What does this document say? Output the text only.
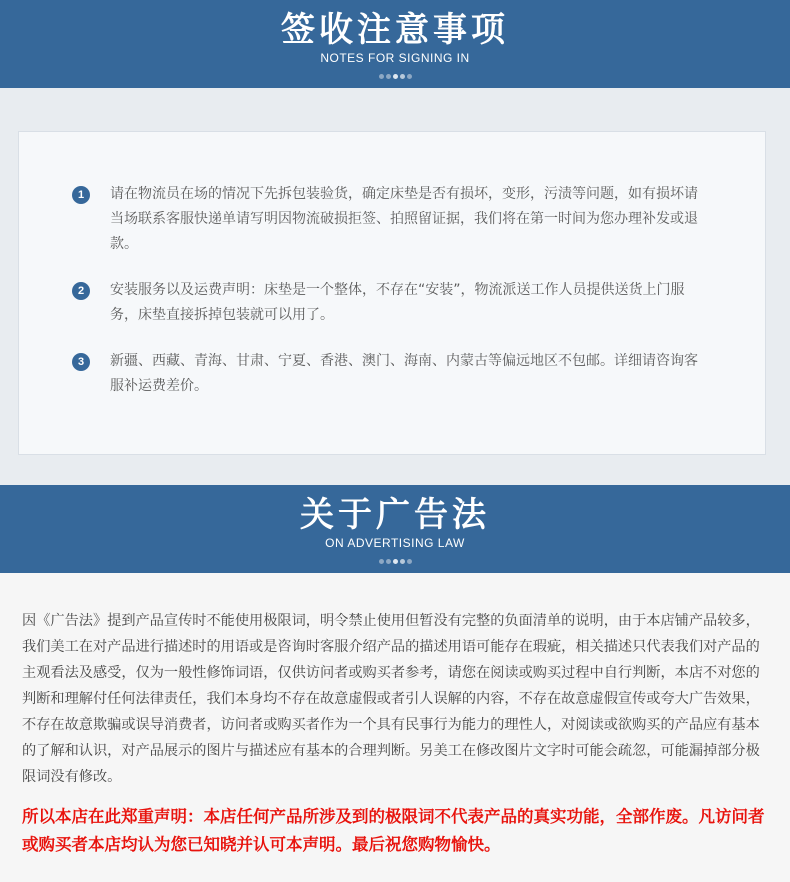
签收注意事项
NOTES FOR SIGNING IN
1	请在物流员在场的情况下先拆包装验货，确定床垫是否有损坏，变形，污渍等问题，如有损坏请当场联系客服快递单请写明因物流破损拒签、拍照留证据，我们将在第一时间为您办理补发或退款。
2	安装服务以及运费声明：床垫是一个整体，不存在“安装”，物流派送工作人员提供送货上门服务，床垫直接拆掉包装就可以用了。
3	新疆、西藏、青海、甘肃、宁夏、香港、澳门、海南、内蒙古等偏远地区不包邮。详细请咨询客服补运费差价。
关于广告法
ON ADVERTISING LAW
因《广告法》提到产品宣传时不能使用极限词，明令禁止使用但暂没有完整的负面清单的说明，由于本店铺产品较多，我们美工在对产品进行描述时的用语或是咨询时客服介绍产品的描述用语可能存在瑕疵，相关描述只代表我们对产品的主观看法及感受，仅为一般性修饰词语，仅供访问者或购买者参考，请您在阅读或购买过程中自行判断，本店不对您的判断和理解付任何法律责任，我们本身均不存在故意虚假或者引人误解的内容，不存在故意虚假宣传或夸大广告效果，不存在故意欺骗或误导消费者，访问者或购买者作为一个具有民事行为能力的理性人，对阅读或欲购买的产品应有基本的了解和认识，对产品展示的图片与描述应有基本的合理判断。另美工在修改图片文字时可能会疏忽，可能漏掉部分极限词没有修改。
所以本店在此郑重声明：本店任何产品所涉及到的极限词不代表产品的真实功能，全部作废。凡访问者或购买者本店均认为您已知晓并认可本声明。最后祝您购物愉快。
